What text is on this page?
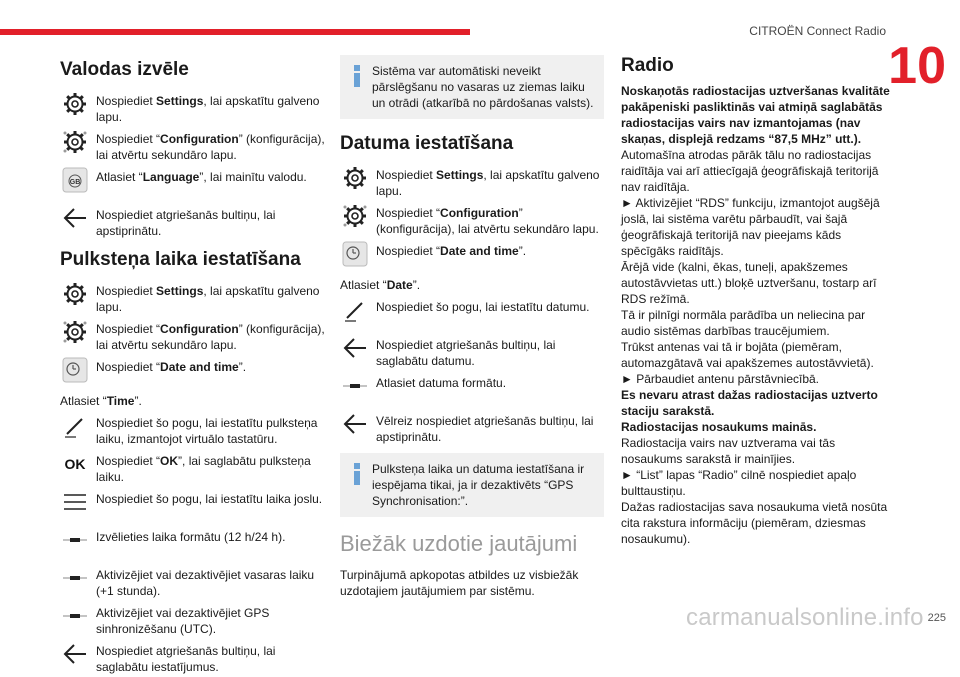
CITROËN Connect Radio
10
225
carmanualsonline.info
Valodas izvēle
Nospiediet Settings, lai apskatītu galveno lapu.
Nospiediet “Configuration” (konfigurācija), lai atvērtu sekundāro lapu.
GB Atlasiet “Language”, lai mainītu valodu.
Nospiediet atgriešanās bultiņu, lai apstiprinātu.
Pulksteņa laika iestatīšana
Nospiediet Settings, lai apskatītu galveno lapu.
Nospiediet “Configuration” (konfigurācija), lai atvērtu sekundāro lapu.
Nospiediet “Date and time”.
Atlasiet “Time”.
Nospiediet šo pogu, lai iestatītu pulksteņa laiku, izmantojot virtuālo tastatūru.
OK Nospiediet “OK”, lai saglabātu pulksteņa laiku.
Nospiediet šo pogu, lai iestatītu laika joslu.
Izvēlieties laika formātu (12 h/24 h).
Aktivizējiet vai dezaktivējiet vasaras laiku (+1 stunda).
Aktivizējiet vai dezaktivējiet GPS sinhronizēšanu (UTC).
Nospiediet atgriešanās bultiņu, lai saglabātu iestatījumus.
Sistēma var automātiski neveikt pārslēgšanu no vasaras uz ziemas laiku un otrādi (atkarībā no pārdošanas valsts).
Datuma iestatīšana
Nospiediet Settings, lai apskatītu galveno lapu.
Nospiediet “Configuration” (konfigurācija), lai atvērtu sekundāro lapu.
Nospiediet “Date and time”.
Atlasiet “Date”.
Nospiediet šo pogu, lai iestatītu datumu.
Nospiediet atgriešanās bultiņu, lai saglabātu datumu.
Atlasiet datuma formātu.
Vēlreiz nospiediet atgriešanās bultiņu, lai apstiprinātu.
Pulksteņa laika un datuma iestatīšana ir iespējama tikai, ja ir dezaktivēts “GPS Synchronisation:”.
Biežāk uzdotie jautājumi
Turpinājumā apkopotas atbildes uz visbiežāk uzdotajiem jautājumiem par sistēmu.
Radio
Noskaņotās radiostacijas uztveršanas kvalitāte pakāpeniski pasliktinās vai atmiņā saglabātās radiostacijas vairs nav izmantojamas (nav skaņas, displejā redzams “87,5 MHz” utt.).
Automašīna atrodas pārāk tālu no radiostacijas raidītāja vai arī attiecīgajā ģeogrāfiskajā teritorijā nav raidītāja.
► Aktivizējiet “RDS” funkciju, izmantojot augšējā joslā, lai sistēma varētu pārbaudīt, vai šajā ģeogrāfiskajā teritorijā nav pieejams kāds spēcīgāks raidītājs.
Ārējā vide (kalni, ēkas, tuneļi, apakšzemes autostāvvietas utt.) bloķē uztveršanu, tostarp arī RDS režīmā.
Tā ir pilnīgi normāla parādība un neliecina par audio sistēmas darbības traucējumiem.
Trūkst antenas vai tā ir bojāta (piemēram, automazgātavā vai apakšzemes autostāvvietā).
► Pārbaudiet antenu pārstāvniecībā.
Es nevaru atrast dažas radiostacijas uztverto staciju sarakstā.
Radiostacijas nosaukums mainās.
Radiostacija vairs nav uztverama vai tās nosaukums sarakstā ir mainījies.
► “List” lapas “Radio” cilnē nospiediet apaļo bulttaustiņu.
Dažas radiostacijas sava nosaukuma vietā nosūta cita rakstura informāciju (piemēram, dziesmas nosaukumu).
